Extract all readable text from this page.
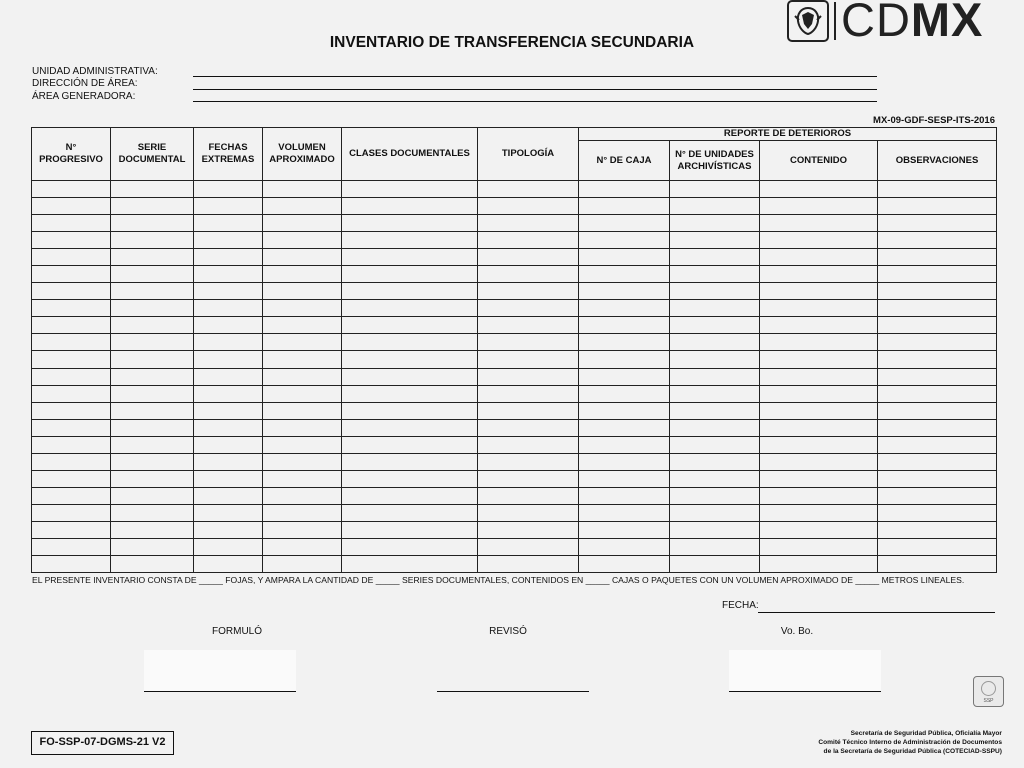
CDMX
INVENTARIO DE TRANSFERENCIA SECUNDARIA
UNIDAD ADMINISTRATIVA:
DIRECCIÓN DE ÁREA:
ÁREA GENERADORA:
MX-09-GDF-SESP-ITS-2016
N° PROGRESIVO	SERIE DOCUMENTAL	FECHAS EXTREMAS	VOLUMEN APROXIMADO	CLASES DOCUMENTALES	TIPOLOGÍA	REPORTE DE DETERIOROS			
						N° DE CAJA	N° DE UNIDADES ARCHIVÍSTICAS	CONTENIDO	OBSERVACIONES

EL PRESENTE INVENTARIO CONSTA DE _____ FOJAS, Y AMPARA LA CANTIDAD DE _____ SERIES DOCUMENTALES, CONTENIDOS EN _____ CAJAS O PAQUETES CON UN VOLUMEN APROXIMADO DE _____ METROS LINEALES.
FECHA:
FORMULÓ	REVISÓ	Vo. Bo.
SSP
FO-SSP-07-DGMS-21 V2
Secretaría de Seguridad Pública, Oficialía Mayor
Comité Técnico Interno de Administración de Documentos
de la Secretaría de Seguridad Pública (COTECIAD-SSPU)
